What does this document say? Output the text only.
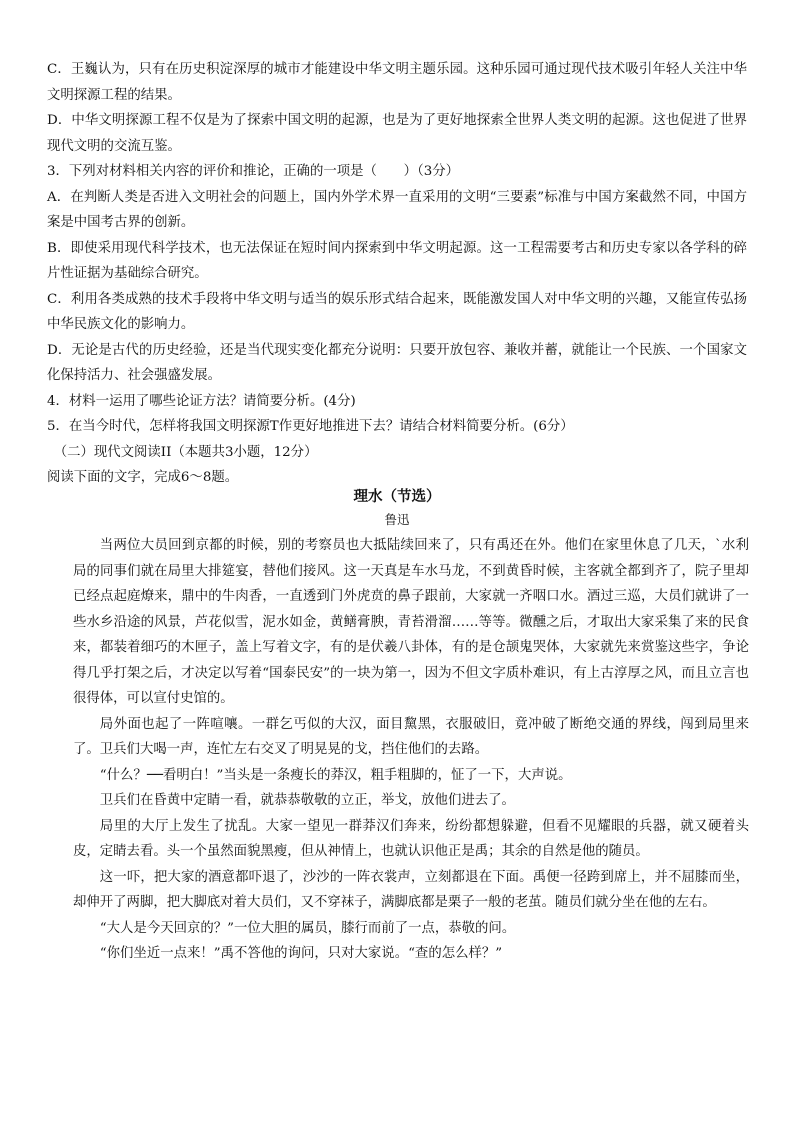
C．王巍认为，只有在历史积淀深厚的城市才能建设中华文明主题乐园。这种乐园可通过现代技术吸引年轻人关注中华文明探源工程的结果。

D．中华文明探源工程不仅是为了探索中国文明的起源，也是为了更好地探索全世界人类文明的起源。这也促进了世界现代文明的交流互鉴。

3．下列对材料相关内容的评价和推论，正确的一项是（　　）（3分）

A．在判断人类是否进入文明社会的问题上，国内外学术界一直采用的文明“三要素”标准与中国方案截然不同，中国方案是中国考古界的创新。

B．即使采用现代科学技术，也无法保证在短时间内探索到中华文明起源。这一工程需要考古和历史专家以各学科的碎片性证据为基础综合研究。

C．利用各类成熟的技术手段将中华文明与适当的娱乐形式结合起来，既能激发国人对中华文明的兴趣，又能宣传弘扬中华民族文化的影响力。

D．无论是古代的历史经验，还是当代现实变化都充分说明：只要开放包容、兼收并蓄，就能让一个民族、一个国家文化保持活力、社会强盛发展。

4．材料一运用了哪些论证方法？请简要分析。(4分)

5．在当今时代，怎样将我国文明探源T作更好地推进下去？请结合材料简要分析。(6分）

（二）现代文阅读II（本题共3小题，12分）

阅读下面的文字，完成6～8题。

理水（节选）
鲁迅

当两位大员回到京都的时候，别的考察员也大抵陆续回来了，只有禹还在外。他们在家里休息了几天，`水利局的同事们就在局里大排筵宴，替他们接风。这一天真是车水马龙，不到黄昏时候，主客就全都到齐了，院子里却已经点起庭燎来，鼎中的牛肉香，一直透到门外虎贲的鼻子跟前，大家就一齐咽口水。酒过三巡，大员们就讲了一些水乡沿途的风景，芦花似雪，泥水如金，黄鳝膏腴，青苔滑溜……等等。微醺之后，才取出大家采集了来的民食来，都装着细巧的木匣子，盖上写着文字，有的是伏羲八卦体，有的是仓颉鬼哭体，大家就先来赏鉴这些字，争论得几乎打架之后，才决定以写着“国泰民安”的一块为第一，因为不但文字质朴难识，有上古淳厚之风，而且立言也很得体，可以宣付史馆的。

局外面也起了一阵喧嚷。一群乞丐似的大汉，面目黧黑，衣服破旧，竟冲破了断绝交通的界线，闯到局里来了。卫兵们大喝一声，连忙左右交叉了明晃晃的戈，挡住他们的去路。

“什么？──看明白！”当头是一条瘦长的莽汉，粗手粗脚的，怔了一下，大声说。

卫兵们在昏黄中定睛一看，就恭恭敬敬的立正，举戈，放他们进去了。

局里的大厅上发生了扰乱。大家一望见一群莽汉们奔来，纷纷都想躲避，但看不见耀眼的兵器，就又硬着头皮，定睛去看。头一个虽然面貌黑瘦，但从神情上，也就认识他正是禹；其余的自然是他的随员。

这一吓，把大家的酒意都吓退了，沙沙的一阵衣裳声，立刻都退在下面。禹便一径跨到席上，并不屈膝而坐，却伸开了两脚，把大脚底对着大员们，又不穿袜子，满脚底都是栗子一般的老茧。随员们就分坐在他的左右。

“大人是今天回京的？”一位大胆的属员，膝行而前了一点，恭敬的问。

“你们坐近一点来！”禹不答他的询问，只对大家说。“查的怎么样？”
